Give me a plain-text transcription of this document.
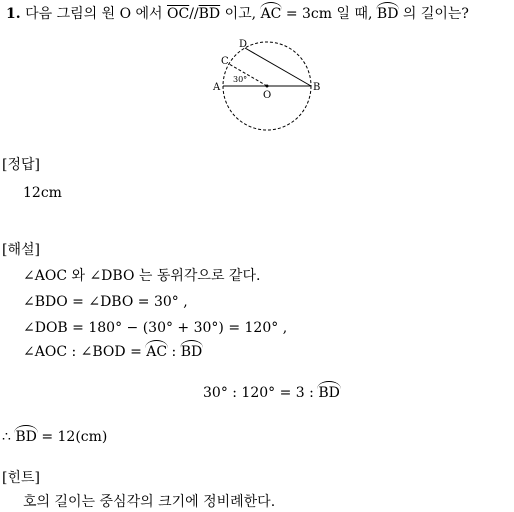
1. 다음 그림의 원 O 에서 $\overline{OC}//\overline{BD}$ 이고, AC = 3cm 일 때, BD 의 길이는?
A	B
C
D
O
30°
[정답]
12cm
[해설]
∠AOC 와 ∠DBO 는 동위각으로 같다.
∠BDO = ∠DBO = 30° ,
∠DOB = 180° − (30° + 30°) = 120° ,
∠AOC : ∠BOD = AC : BD
30° : 120° = 3 : BD
∴ BD = 12(cm)
[힌트]
호의 길이는 중심각의 크기에 정비례한다.
